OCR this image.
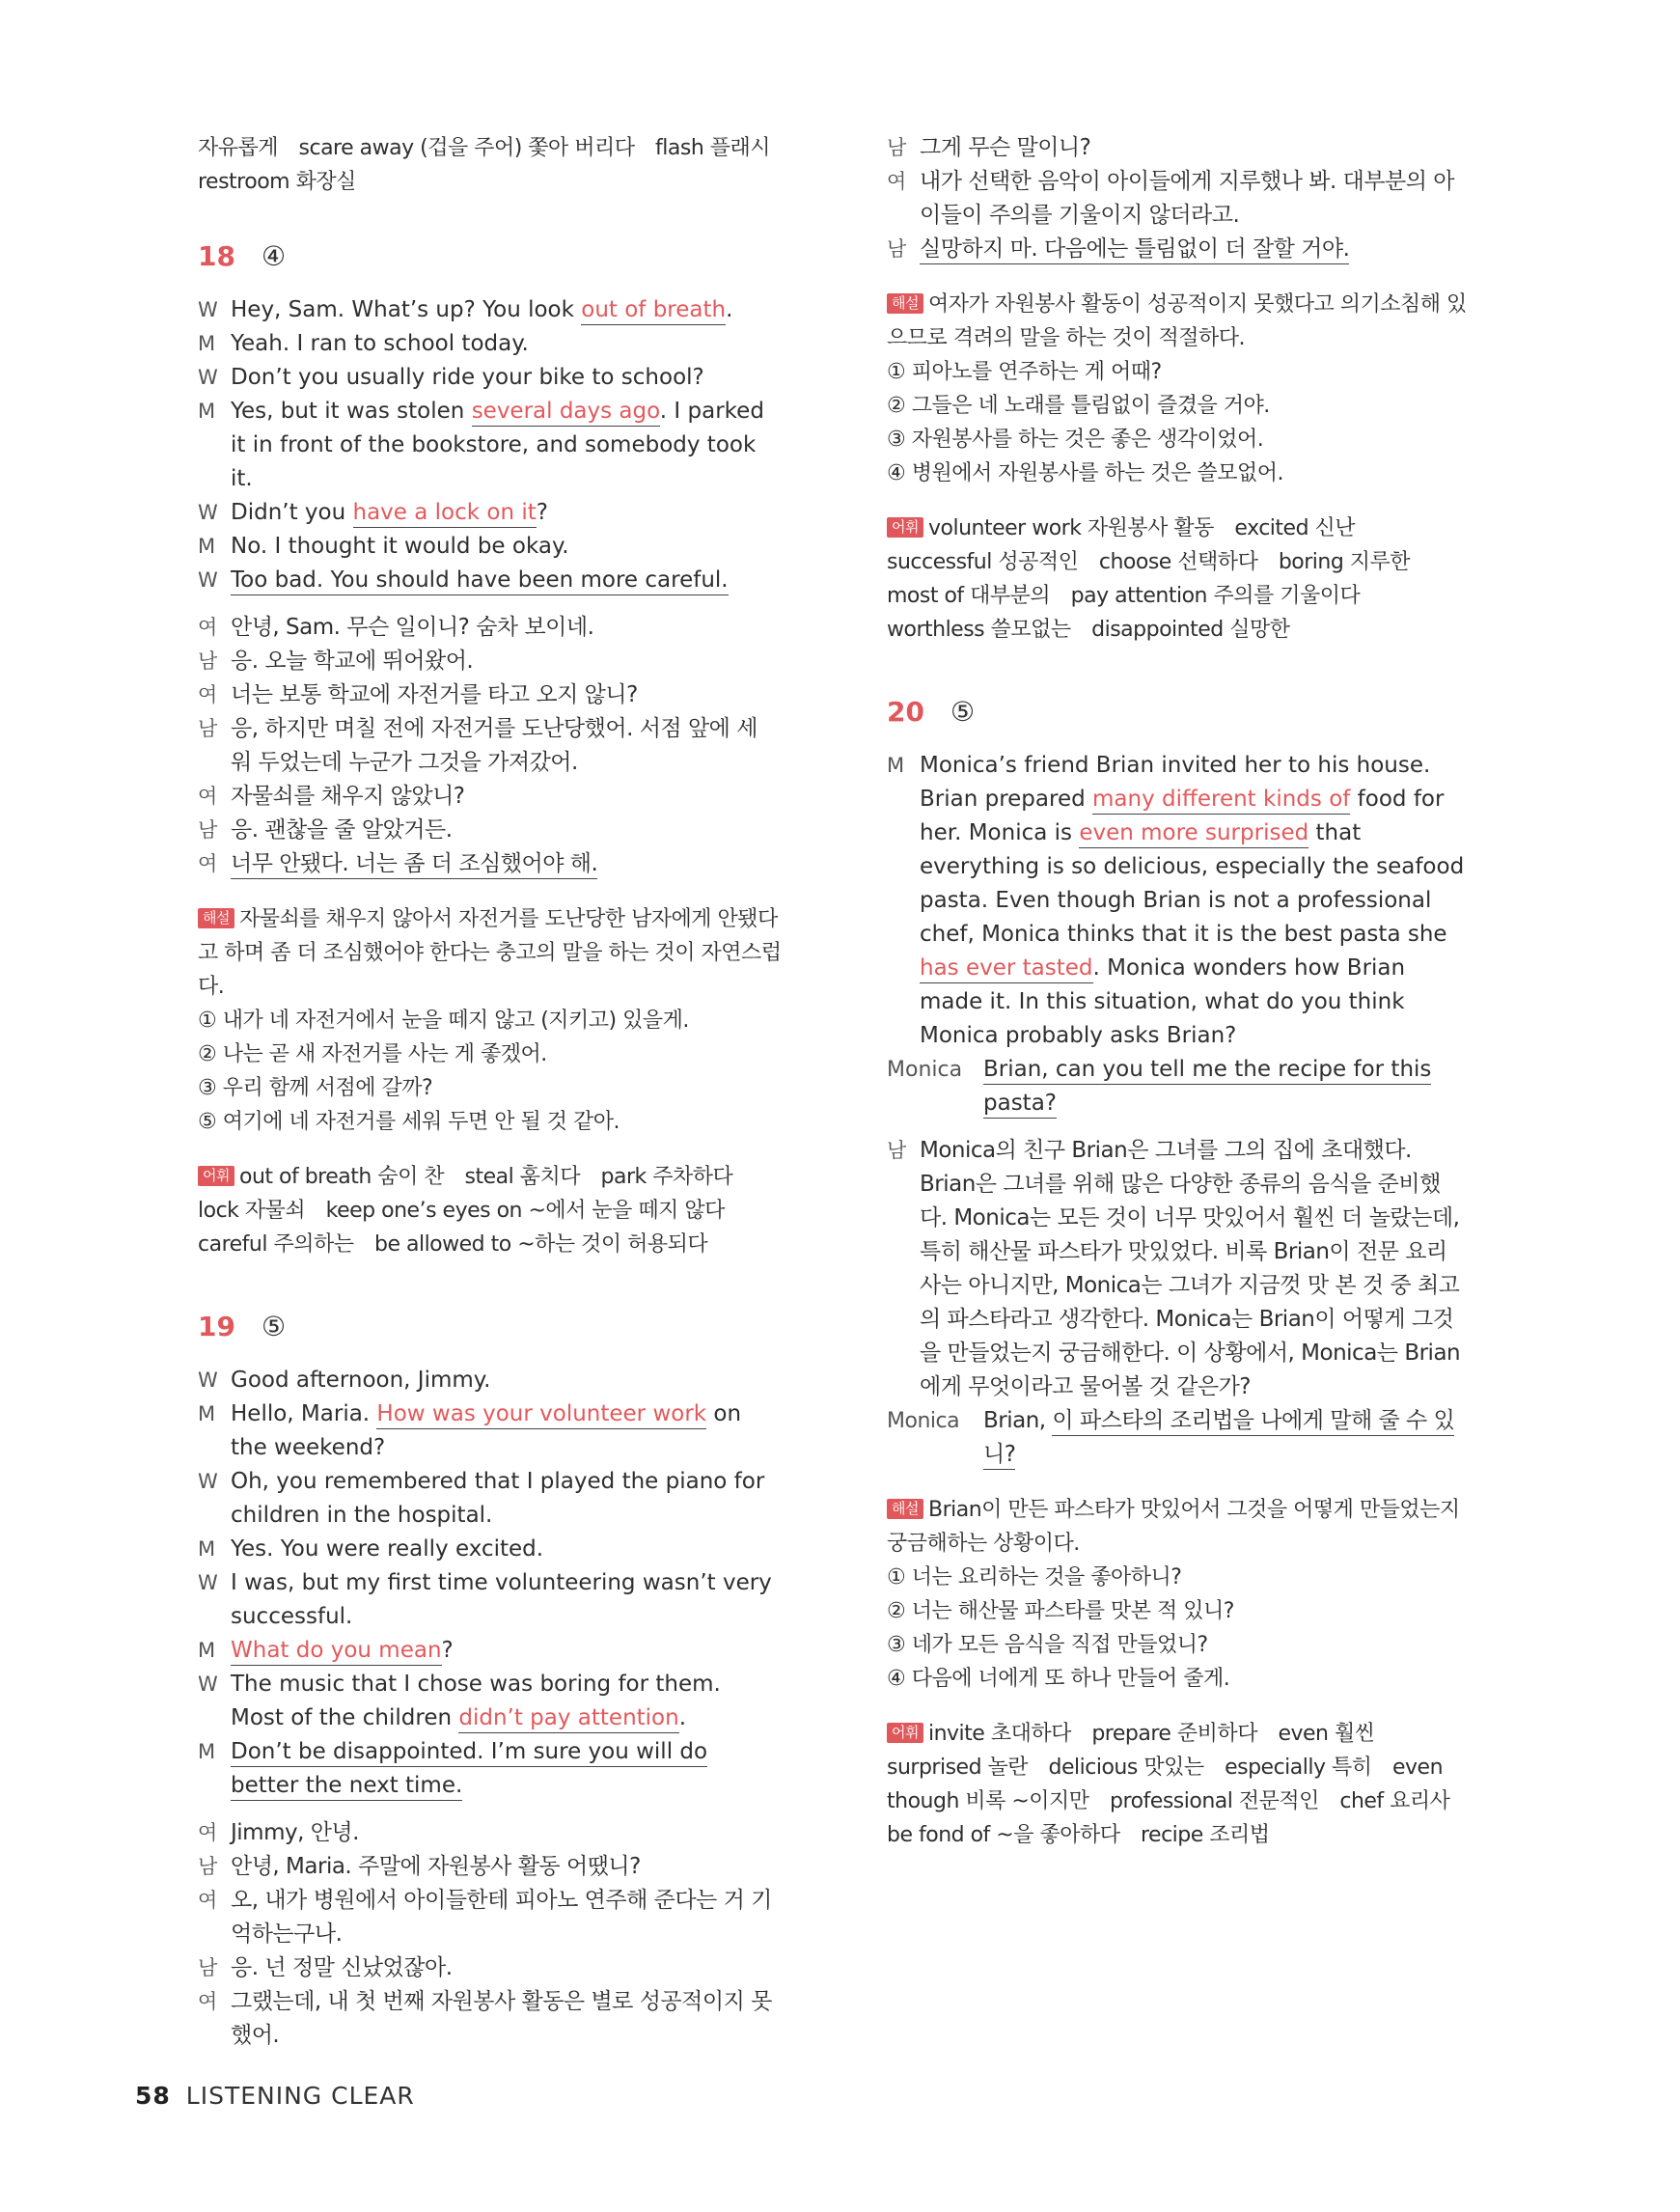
자유롭게　scare away (겁을 주어) 쫓아 버리다　flash 플래시
restroom 화장실
18 ④
W Hey, Sam. What’s up? You look out of breath.
M Yeah. I ran to school today.
W Don’t you usually ride your bike to school?
M Yes, but it was stolen several days ago. I parked it in front of the bookstore, and somebody took it.
W Didn’t you have a lock on it?
M No. I thought it would be okay.
W Too bad. You should have been more careful.
여 안녕, Sam. 무슨 일이니? 숨차 보이네.
남 응. 오늘 학교에 뛰어왔어.
여 너는 보통 학교에 자전거를 타고 오지 않니?
남 응, 하지만 며칠 전에 자전거를 도난당했어. 서점 앞에 세워 두었는데 누군가 그것을 가져갔어.
여 자물쇠를 채우지 않았니?
남 응. 괜찮을 줄 알았거든.
여 너무 안됐다. 너는 좀 더 조심했어야 해.
해설 자물쇠를 채우지 않아서 자전거를 도난당한 남자에게 안됐다
고 하며 좀 더 조심했어야 한다는 충고의 말을 하는 것이 자연스럽
다.
① 내가 네 자전거에서 눈을 떼지 않고 (지키고) 있을게.
② 나는 곧 새 자전거를 사는 게 좋겠어.
③ 우리 함께 서점에 갈까?
⑤ 여기에 네 자전거를 세워 두면 안 될 것 같아.
어휘 out of breath 숨이 찬　steal 훔치다　park 주차하다
lock 자물쇠　keep one’s eyes on ~에서 눈을 떼지 않다
careful 주의하는　be allowed to ~하는 것이 허용되다
19 ⑤
W Good afternoon, Jimmy.
M Hello, Maria. How was your volunteer work on the weekend?
W Oh, you remembered that I played the piano for children in the hospital.
M Yes. You were really excited.
W I was, but my first time volunteering wasn’t very successful.
M What do you mean?
W The music that I chose was boring for them. Most of the children didn’t pay attention.
M Don’t be disappointed. I’m sure you will do better the next time.
여 Jimmy, 안녕.
남 안녕, Maria. 주말에 자원봉사 활동 어땠니?
여 오, 내가 병원에서 아이들한테 피아노 연주해 준다는 거 기억하는구나.
남 응. 넌 정말 신났었잖아.
여 그랬는데, 내 첫 번째 자원봉사 활동은 별로 성공적이지 못했어.
남 그게 무슨 말이니?
여 내가 선택한 음악이 아이들에게 지루했나 봐. 대부분의 아이들이 주의를 기울이지 않더라고.
남 실망하지 마. 다음에는 틀림없이 더 잘할 거야.
해설 여자가 자원봉사 활동이 성공적이지 못했다고 의기소침해 있
으므로 격려의 말을 하는 것이 적절하다.
① 피아노를 연주하는 게 어때?
② 그들은 네 노래를 틀림없이 즐겼을 거야.
③ 자원봉사를 하는 것은 좋은 생각이었어.
④ 병원에서 자원봉사를 하는 것은 쓸모없어.
어휘 volunteer work 자원봉사 활동　excited 신난
successful 성공적인　choose 선택하다　boring 지루한
most of 대부분의　pay attention 주의를 기울이다
worthless 쓸모없는　disappointed 실망한
20 ⑤
M Monica’s friend Brian invited her to his house. Brian prepared many different kinds of food for her. Monica is even more surprised that everything is so delicious, especially the seafood pasta. Even though Brian is not a professional chef, Monica thinks that it is the best pasta she has ever tasted. Monica wonders how Brian made it. In this situation, what do you think Monica probably asks Brian?
Monica Brian, can you tell me the recipe for this pasta?
남 Monica의 친구 Brian은 그녀를 그의 집에 초대했다. Brian은 그녀를 위해 많은 다양한 종류의 음식을 준비했다. Monica는 모든 것이 너무 맛있어서 훨씬 더 놀랐는데, 특히 해산물 파스타가 맛있었다. 비록 Brian이 전문 요리사는 아니지만, Monica는 그녀가 지금껏 맛 본 것 중 최고의 파스타라고 생각한다. Monica는 Brian이 어떻게 그것을 만들었는지 궁금해한다. 이 상황에서, Monica는 Brian에게 무엇이라고 물어볼 것 같은가?
Monica	Brian, 이 파스타의 조리법을 나에게 말해 줄 수 있니?
해설 Brian이 만든 파스타가 맛있어서 그것을 어떻게 만들었는지
궁금해하는 상황이다.
① 너는 요리하는 것을 좋아하니?
② 너는 해산물 파스타를 맛본 적 있니?
③ 네가 모든 음식을 직접 만들었니?
④ 다음에 너에게 또 하나 만들어 줄게.
어휘 invite 초대하다　prepare 준비하다　even 훨씬
surprised 놀란　delicious 맛있는　especially 특히　even
though 비록 ~이지만　professional 전문적인　chef 요리사
be fond of ~을 좋아하다　recipe 조리법
58 LISTENING CLEAR
